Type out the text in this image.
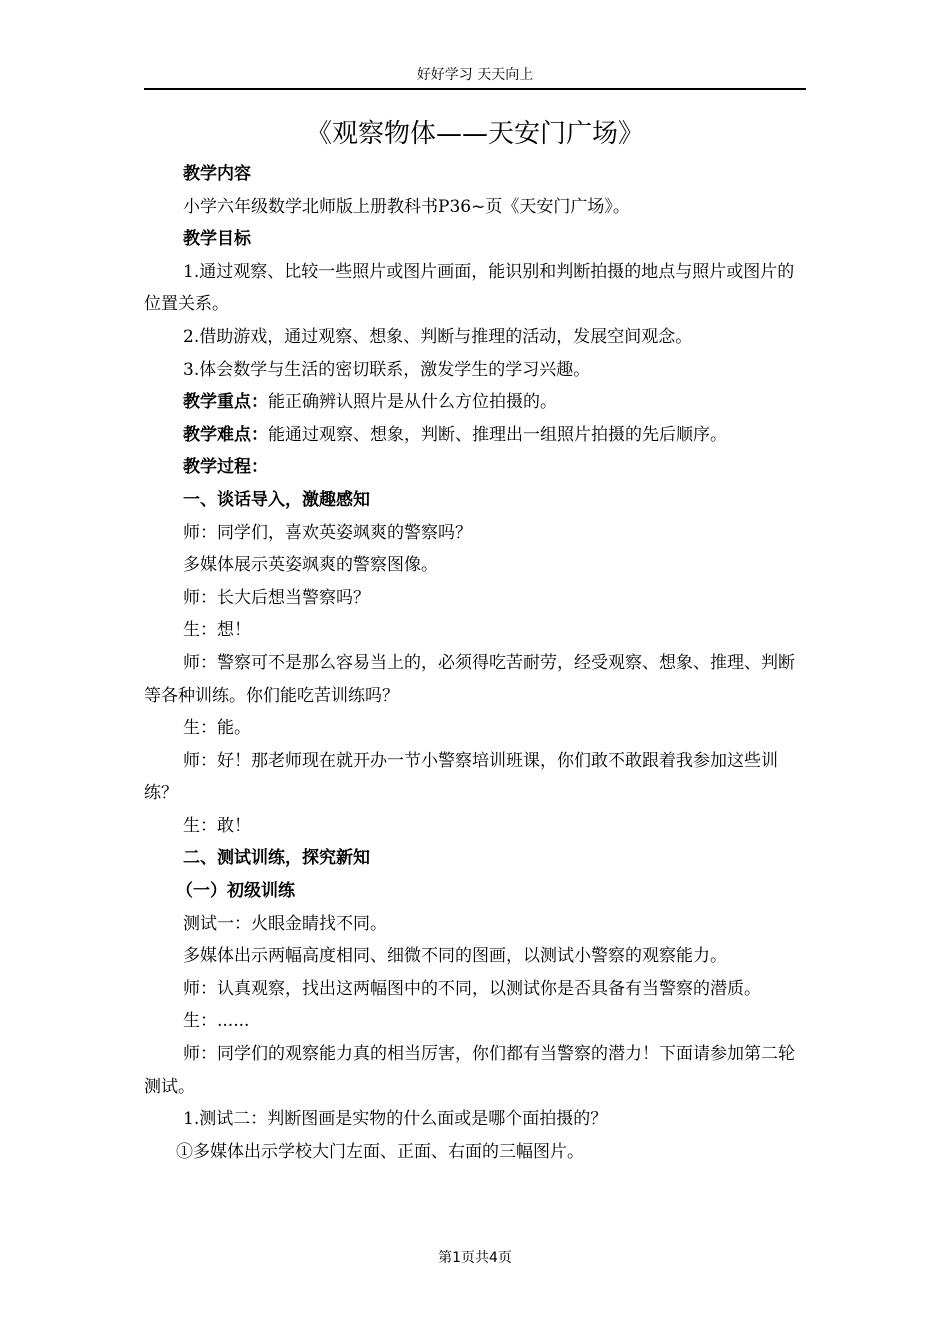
好好学习 天天向上
《观察物体——天安门广场》

教学内容

小学六年级数学北师版上册教科书P36~页《天安门广场》。

教学目标

1.通过观察、比较一些照片或图片画面，能识别和判断拍摄的地点与照片或图片的位置关系。

2.借助游戏，通过观察、想象、判断与推理的活动，发展空间观念。

3.体会数学与生活的密切联系，激发学生的学习兴趣。

教学重点：能正确辨认照片是从什么方位拍摄的。

教学难点：能通过观察、想象，判断、推理出一组照片拍摄的先后顺序。

教学过程：

一、谈话导入，激趣感知

师：同学们，喜欢英姿飒爽的警察吗？

多媒体展示英姿飒爽的警察图像。

师：长大后想当警察吗？

生：想！

师：警察可不是那么容易当上的，必须得吃苦耐劳，经受观察、想象、推理、判断等各种训练。你们能吃苦训练吗？

生：能。

师：好！那老师现在就开办一节小警察培训班课，你们敢不敢跟着我参加这些训练？

生：敢！

二、测试训练，探究新知

（一）初级训练

测试一：火眼金睛找不同。

多媒体出示两幅高度相同、细微不同的图画，以测试小警察的观察能力。

师：认真观察，找出这两幅图中的不同，以测试你是否具备有当警察的潜质。

生：......

师：同学们的观察能力真的相当厉害，你们都有当警察的潜力！下面请参加第二轮测试。

1.测试二：判断图画是实物的什么面或是哪个面拍摄的？

①多媒体出示学校大门左面、正面、右面的三幅图片。

第1页共4页
